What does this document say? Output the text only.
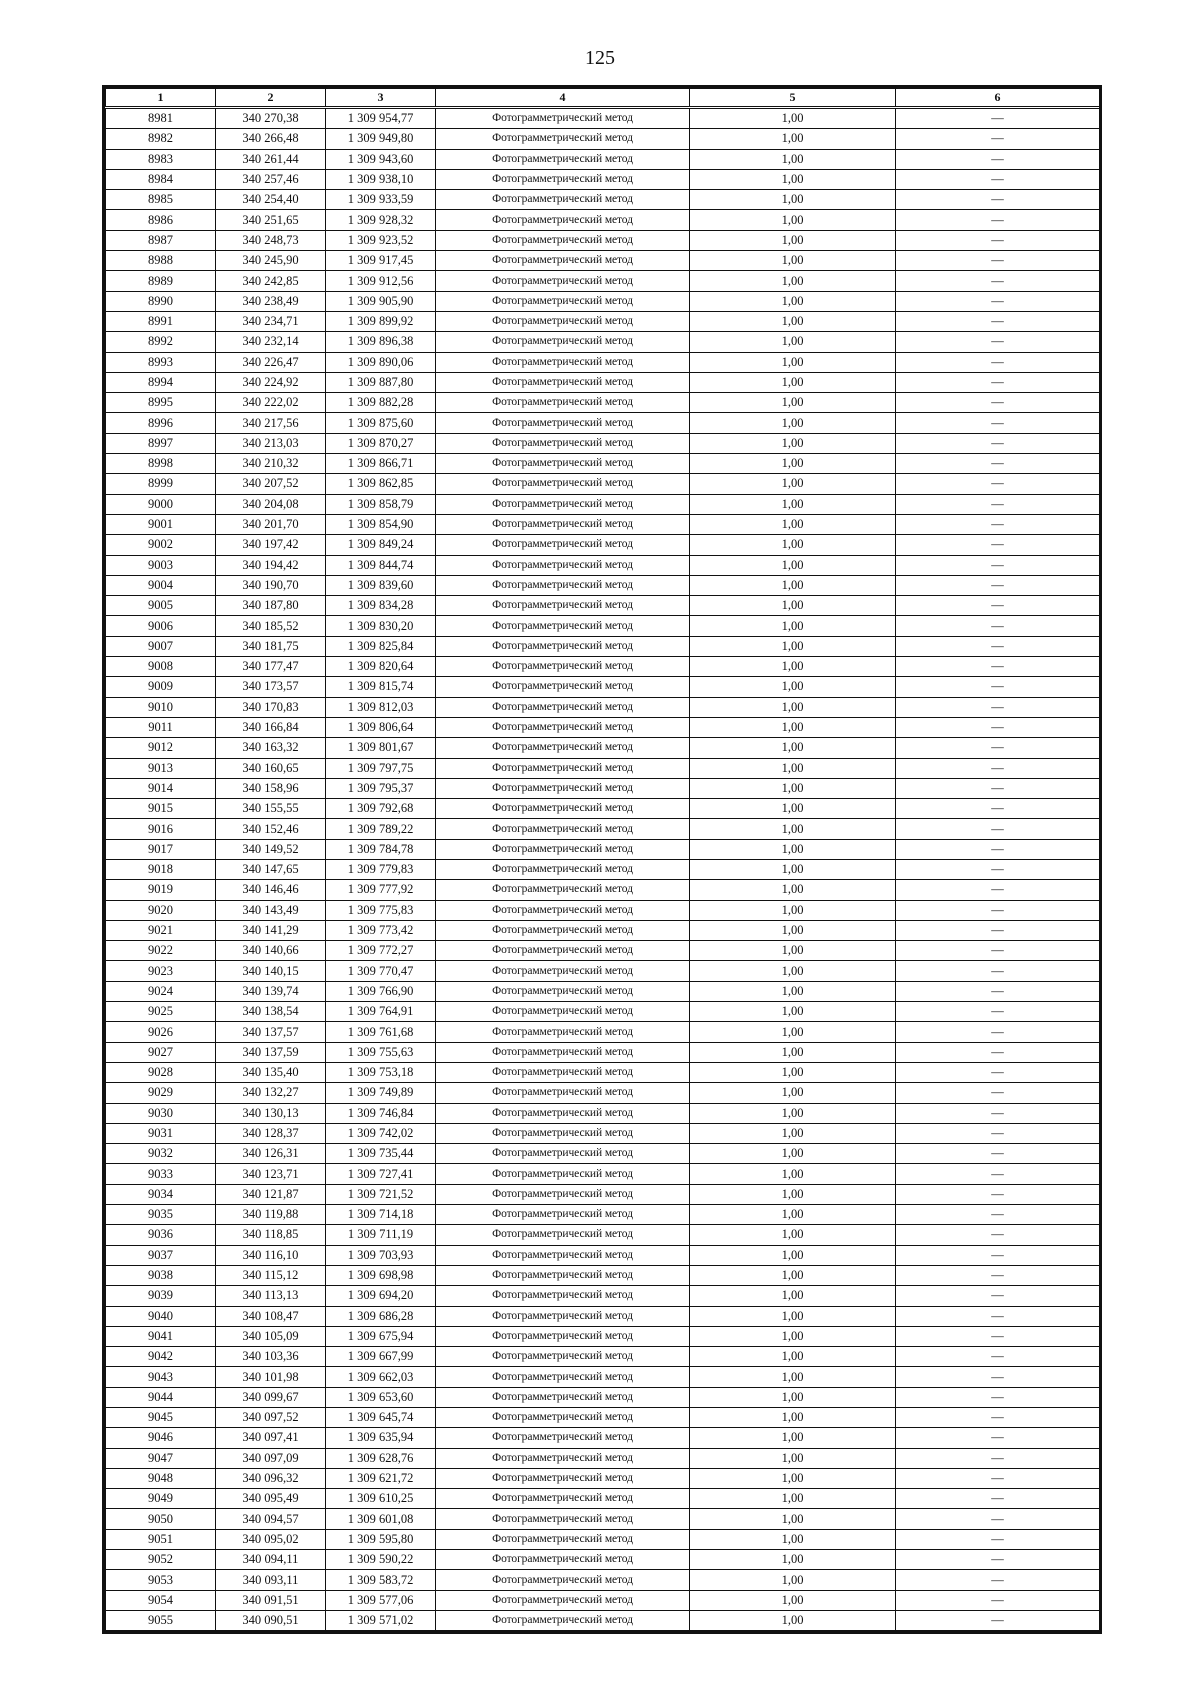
125
1	2	3	4	5	6
8981	340 270,38	1 309 954,77	Фотограмметрический метод	1,00	—
8982	340 266,48	1 309 949,80	Фотограмметрический метод	1,00	—
8983	340 261,44	1 309 943,60	Фотограмметрический метод	1,00	—
8984	340 257,46	1 309 938,10	Фотограмметрический метод	1,00	—
8985	340 254,40	1 309 933,59	Фотограмметрический метод	1,00	—
8986	340 251,65	1 309 928,32	Фотограмметрический метод	1,00	—
8987	340 248,73	1 309 923,52	Фотограмметрический метод	1,00	—
8988	340 245,90	1 309 917,45	Фотограмметрический метод	1,00	—
8989	340 242,85	1 309 912,56	Фотограмметрический метод	1,00	—
8990	340 238,49	1 309 905,90	Фотограмметрический метод	1,00	—
8991	340 234,71	1 309 899,92	Фотограмметрический метод	1,00	—
8992	340 232,14	1 309 896,38	Фотограмметрический метод	1,00	—
8993	340 226,47	1 309 890,06	Фотограмметрический метод	1,00	—
8994	340 224,92	1 309 887,80	Фотограмметрический метод	1,00	—
8995	340 222,02	1 309 882,28	Фотограмметрический метод	1,00	—
8996	340 217,56	1 309 875,60	Фотограмметрический метод	1,00	—
8997	340 213,03	1 309 870,27	Фотограмметрический метод	1,00	—
8998	340 210,32	1 309 866,71	Фотограмметрический метод	1,00	—
8999	340 207,52	1 309 862,85	Фотограмметрический метод	1,00	—
9000	340 204,08	1 309 858,79	Фотограмметрический метод	1,00	—
9001	340 201,70	1 309 854,90	Фотограмметрический метод	1,00	—
9002	340 197,42	1 309 849,24	Фотограмметрический метод	1,00	—
9003	340 194,42	1 309 844,74	Фотограмметрический метод	1,00	—
9004	340 190,70	1 309 839,60	Фотограмметрический метод	1,00	—
9005	340 187,80	1 309 834,28	Фотограмметрический метод	1,00	—
9006	340 185,52	1 309 830,20	Фотограмметрический метод	1,00	—
9007	340 181,75	1 309 825,84	Фотограмметрический метод	1,00	—
9008	340 177,47	1 309 820,64	Фотограмметрический метод	1,00	—
9009	340 173,57	1 309 815,74	Фотограмметрический метод	1,00	—
9010	340 170,83	1 309 812,03	Фотограмметрический метод	1,00	—
9011	340 166,84	1 309 806,64	Фотограмметрический метод	1,00	—
9012	340 163,32	1 309 801,67	Фотограмметрический метод	1,00	—
9013	340 160,65	1 309 797,75	Фотограмметрический метод	1,00	—
9014	340 158,96	1 309 795,37	Фотограмметрический метод	1,00	—
9015	340 155,55	1 309 792,68	Фотограмметрический метод	1,00	—
9016	340 152,46	1 309 789,22	Фотограмметрический метод	1,00	—
9017	340 149,52	1 309 784,78	Фотограмметрический метод	1,00	—
9018	340 147,65	1 309 779,83	Фотограмметрический метод	1,00	—
9019	340 146,46	1 309 777,92	Фотограмметрический метод	1,00	—
9020	340 143,49	1 309 775,83	Фотограмметрический метод	1,00	—
9021	340 141,29	1 309 773,42	Фотограмметрический метод	1,00	—
9022	340 140,66	1 309 772,27	Фотограмметрический метод	1,00	—
9023	340 140,15	1 309 770,47	Фотограмметрический метод	1,00	—
9024	340 139,74	1 309 766,90	Фотограмметрический метод	1,00	—
9025	340 138,54	1 309 764,91	Фотограмметрический метод	1,00	—
9026	340 137,57	1 309 761,68	Фотограмметрический метод	1,00	—
9027	340 137,59	1 309 755,63	Фотограмметрический метод	1,00	—
9028	340 135,40	1 309 753,18	Фотограмметрический метод	1,00	—
9029	340 132,27	1 309 749,89	Фотограмметрический метод	1,00	—
9030	340 130,13	1 309 746,84	Фотограмметрический метод	1,00	—
9031	340 128,37	1 309 742,02	Фотограмметрический метод	1,00	—
9032	340 126,31	1 309 735,44	Фотограмметрический метод	1,00	—
9033	340 123,71	1 309 727,41	Фотограмметрический метод	1,00	—
9034	340 121,87	1 309 721,52	Фотограмметрический метод	1,00	—
9035	340 119,88	1 309 714,18	Фотограмметрический метод	1,00	—
9036	340 118,85	1 309 711,19	Фотограмметрический метод	1,00	—
9037	340 116,10	1 309 703,93	Фотограмметрический метод	1,00	—
9038	340 115,12	1 309 698,98	Фотограмметрический метод	1,00	—
9039	340 113,13	1 309 694,20	Фотограмметрический метод	1,00	—
9040	340 108,47	1 309 686,28	Фотограмметрический метод	1,00	—
9041	340 105,09	1 309 675,94	Фотограмметрический метод	1,00	—
9042	340 103,36	1 309 667,99	Фотограмметрический метод	1,00	—
9043	340 101,98	1 309 662,03	Фотограмметрический метод	1,00	—
9044	340 099,67	1 309 653,60	Фотограмметрический метод	1,00	—
9045	340 097,52	1 309 645,74	Фотограмметрический метод	1,00	—
9046	340 097,41	1 309 635,94	Фотограмметрический метод	1,00	—
9047	340 097,09	1 309 628,76	Фотограмметрический метод	1,00	—
9048	340 096,32	1 309 621,72	Фотограмметрический метод	1,00	—
9049	340 095,49	1 309 610,25	Фотограмметрический метод	1,00	—
9050	340 094,57	1 309 601,08	Фотограмметрический метод	1,00	—
9051	340 095,02	1 309 595,80	Фотограмметрический метод	1,00	—
9052	340 094,11	1 309 590,22	Фотограмметрический метод	1,00	—
9053	340 093,11	1 309 583,72	Фотограмметрический метод	1,00	—
9054	340 091,51	1 309 577,06	Фотограмметрический метод	1,00	—
9055	340 090,51	1 309 571,02	Фотограмметрический метод	1,00	—
